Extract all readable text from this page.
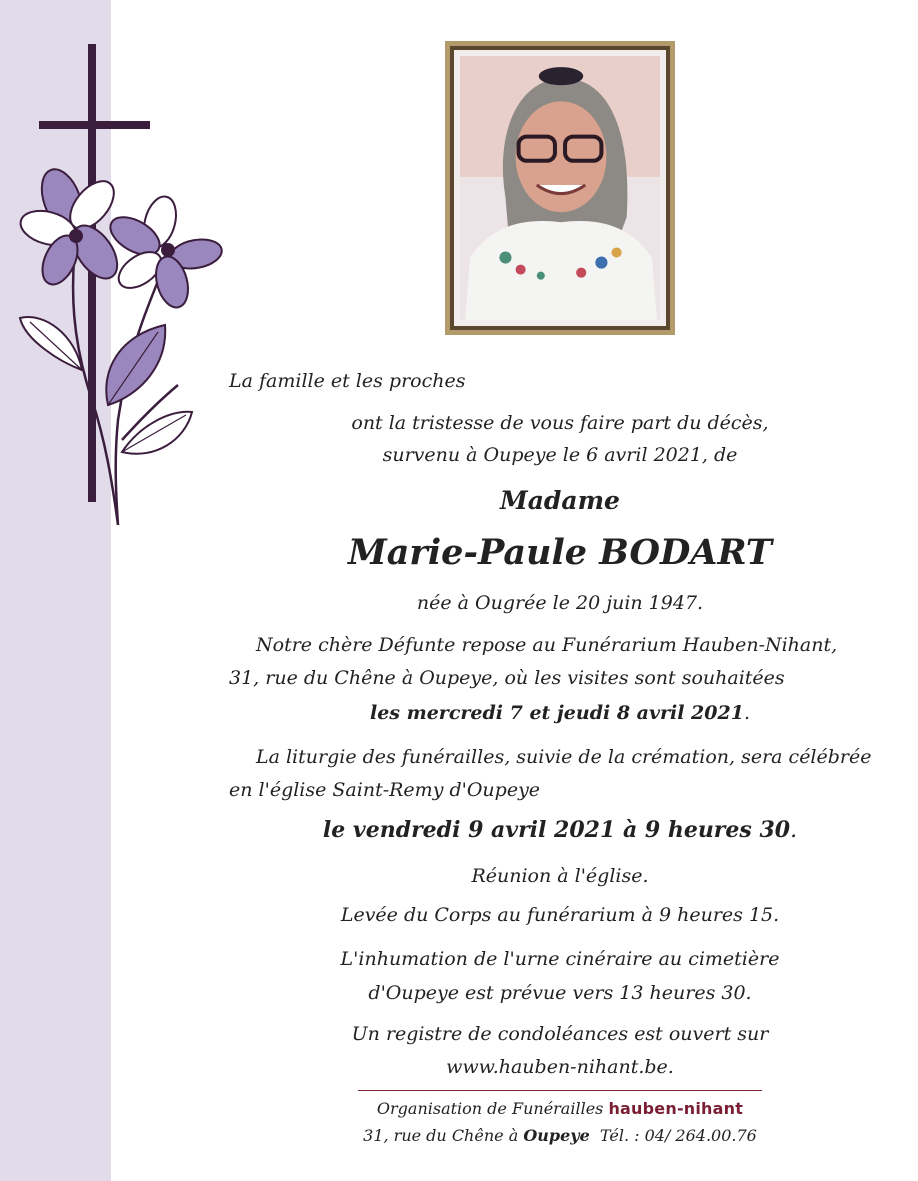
La famille et les proches
ont la tristesse de vous faire part du décès,
survenu à Oupeye le 6 avril 2021, de
Madame
Marie-Paule BODART
née à Ougrée le 20 juin 1947.
Notre chère Défunte repose au Funérarium Hauben-Nihant,
31, rue du Chêne à Oupeye, où les visites sont souhaitées
les mercredi 7 et jeudi 8 avril 2021.
La liturgie des funérailles, suivie de la crémation, sera célébrée
en l'église Saint-Remy d'Oupeye
le vendredi 9 avril 2021 à 9 heures 30.
Réunion à l'église.
Levée du Corps au funérarium à 9 heures 15.
L'inhumation de l'urne cinéraire au cimetière
d'Oupeye est prévue vers 13 heures 30.
Un registre de condoléances est ouvert sur
www.hauben-nihant.be.
Organisation de Funérailles hauben-nihant
31, rue du Chêne à Oupeye Tél. : 04/ 264.00.76
